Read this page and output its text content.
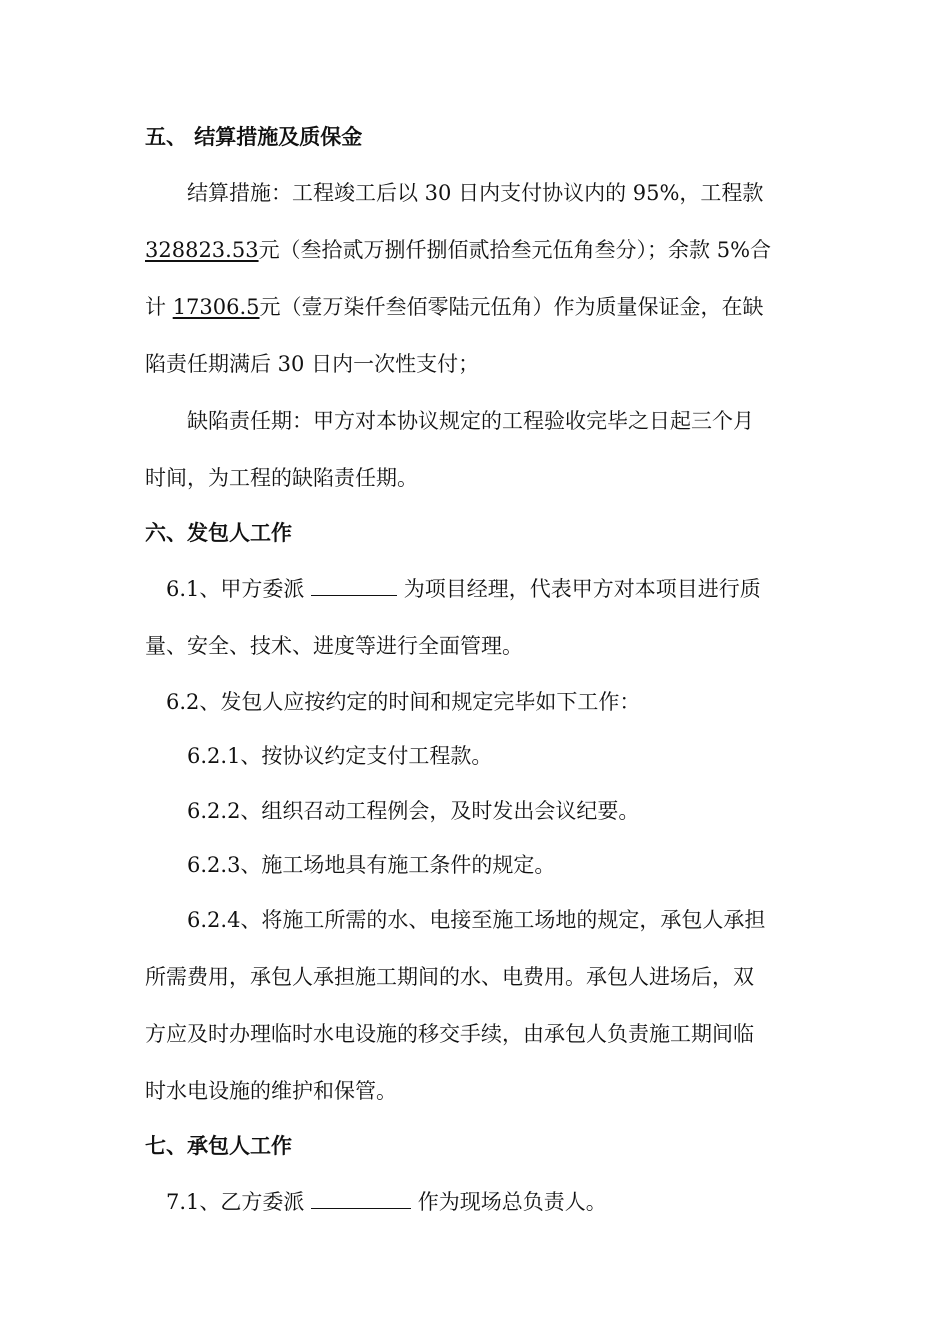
五、 结算措施及质保金
结算措施：工程竣工后以 30 日内支付协议内的 95%，工程款
328823.53元（叁拾贰万捌仟捌佰贰拾叁元伍角叁分）；余款 5%合
计 17306.5元（壹万柒仟叁佰零陆元伍角）作为质量保证金，在缺
陷责任期满后 30 日内一次性支付；
缺陷责任期：甲方对本协议规定的工程验收完毕之日起三个月
时间，为工程的缺陷责任期。
六、发包人工作
6.1、甲方委派	为项目经理，代表甲方对本项目进行质
量、安全、技术、进度等进行全面管理。
6.2、发包人应按约定的时间和规定完毕如下工作：
6.2.1、按协议约定支付工程款。
6.2.2、组织召动工程例会，及时发出会议纪要。
6.2.3、施工场地具有施工条件的规定。
6.2.4、将施工所需的水、电接至施工场地的规定，承包人承担
所需费用，承包人承担施工期间的水、电费用。承包人进场后，双
方应及时办理临时水电设施的移交手续，由承包人负责施工期间临
时水电设施的维护和保管。
七、承包人工作
7.1、乙方委派	作为现场总负责人。
